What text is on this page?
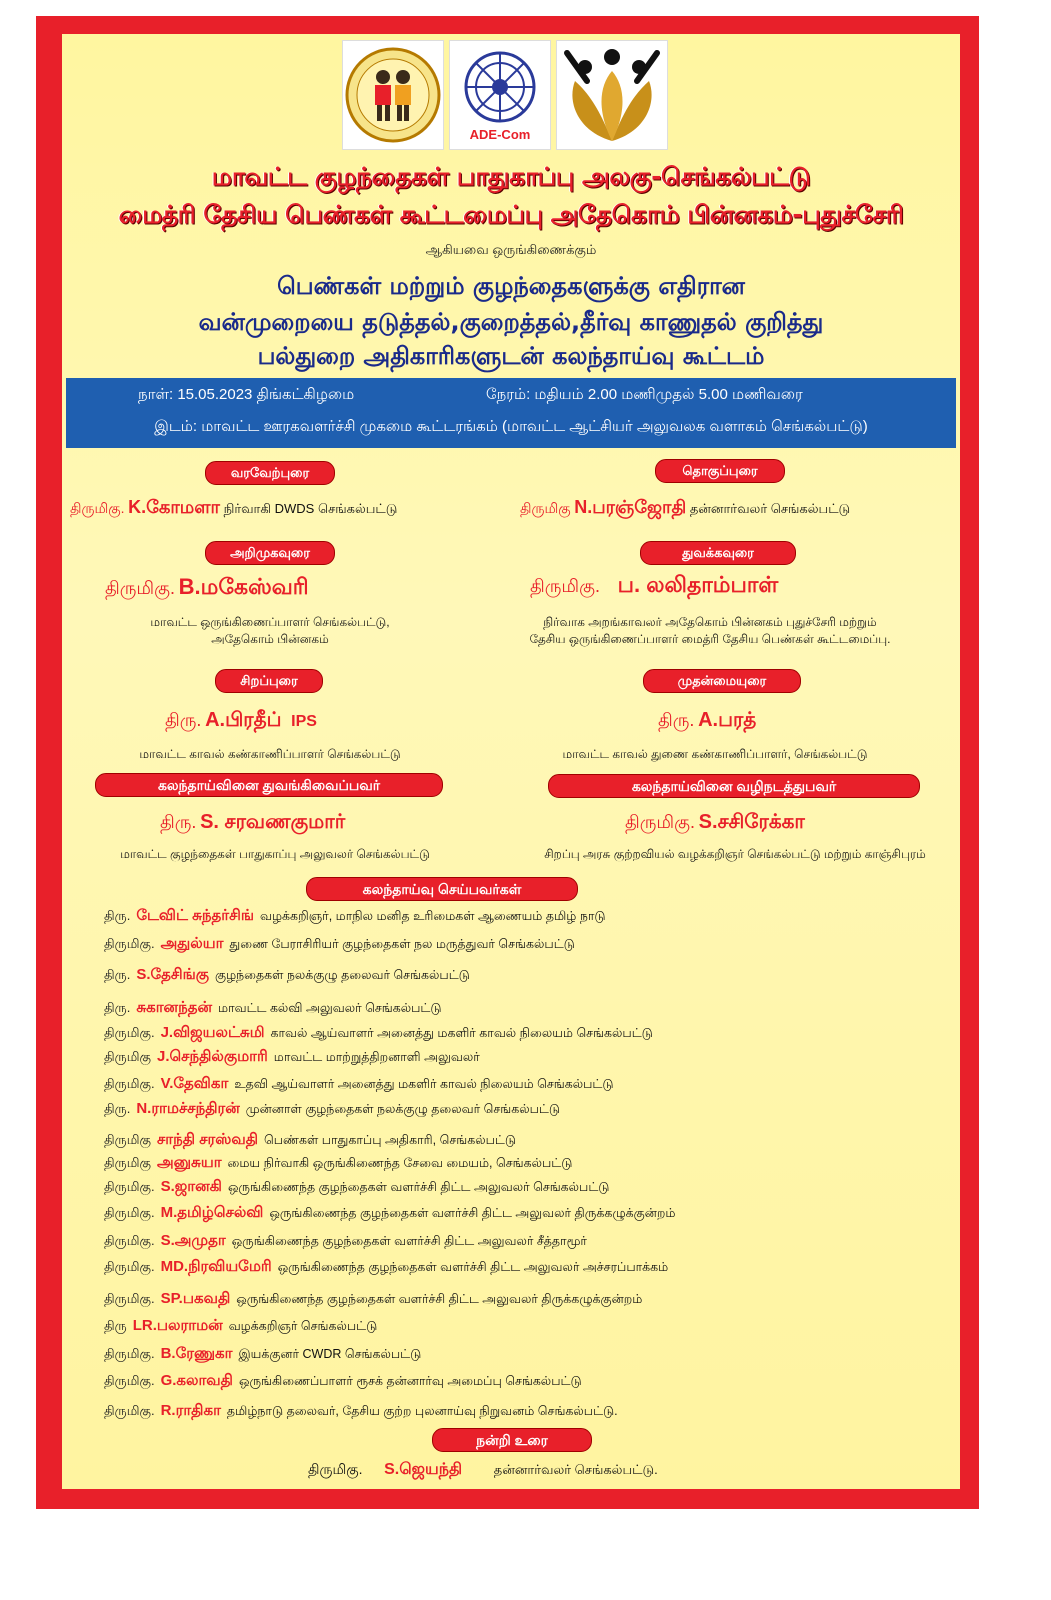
ADE-Com
மாவட்ட குழந்தைகள் பாதுகாப்பு அலகு-செங்கல்பட்டு
மைத்ரி தேசிய பெண்கள் கூட்டமைப்பு அதேகொம் பின்னகம்-புதுச்சேரி
ஆகியவை ஒருங்கிணைக்கும்
பெண்கள் மற்றும் குழந்தைகளுக்கு எதிரான
வன்முறையை தடுத்தல்,குறைத்தல்,தீர்வு காணுதல் குறித்து
பல்துறை அதிகாரிகளுடன் கலந்தாய்வு கூட்டம்
நாள்: 15.05.2023 திங்கட்கிழமை	நேரம்: மதியம் 2.00 மணிமுதல் 5.00 மணிவரை
இடம்: மாவட்ட ஊரகவளர்ச்சி முகமை கூட்டரங்கம் (மாவட்ட ஆட்சியர் அலுவலக வளாகம் செங்கல்பட்டு)
வரவேற்புரை	தொகுப்புரை
திருமிகு. K.கோமளா நிர்வாகி DWDS செங்கல்பட்டு	திருமிகு N.பரஞ்ஜோதி தன்னார்வலர் செங்கல்பட்டு
அறிமுகவுரை	துவக்கவுரை
திருமிகு. B.மகேஸ்வரி	திருமிகு. ப. லலிதாம்பாள்
மாவட்ட ஒருங்கிணைப்பாளர் செங்கல்பட்டு,
அதேகொம் பின்னகம்
நிர்வாக அறங்காவலர் அதேகொம் பின்னகம் புதுச்சேரி மற்றும்
தேசிய ஒருங்கிணைப்பாளர் மைத்ரி தேசிய பெண்கள் கூட்டமைப்பு.
சிறப்புரை	முதன்மையுரை
திரு. A.பிரதீப் IPS	திரு. A.பரத்
மாவட்ட காவல் கண்காணிப்பாளர் செங்கல்பட்டு	மாவட்ட காவல் துணை கண்காணிப்பாளர், செங்கல்பட்டு
கலந்தாய்வினை துவங்கிவைப்பவர்	கலந்தாய்வினை வழிநடத்துபவர்
திரு. S. சரவணகுமார்	திருமிகு. S.சசிரேக்கா
மாவட்ட குழந்தைகள் பாதுகாப்பு அலுவலர் செங்கல்பட்டு	சிறப்பு அரசு குற்றவியல் வழக்கறிஞர் செங்கல்பட்டு மற்றும் காஞ்சிபுரம்
கலந்தாய்வு செய்பவர்கள்
திரு. டேவிட் சுந்தர்சிங் வழக்கறிஞர், மாநில மனித உரிமைகள் ஆணையம் தமிழ் நாடு
திருமிகு. அதுல்யா துணை பேராசிரியர் குழந்தைகள் நல மருத்துவர் செங்கல்பட்டு
திரு. S.தேசிங்கு குழந்தைகள் நலக்குழு தலைவர் செங்கல்பட்டு
திரு. சுகானந்தன் மாவட்ட கல்வி அலுவலர் செங்கல்பட்டு
திருமிகு. J.விஜயலட்சுமி காவல் ஆய்வாளர் அனைத்து மகளிர் காவல் நிலையம் செங்கல்பட்டு
திருமிகு J.செந்தில்குமாரி மாவட்ட மாற்றுத்திறனாளி அலுவலர்
திருமிகு. V.தேவிகா உதவி ஆய்வாளர் அனைத்து மகளிர் காவல் நிலையம் செங்கல்பட்டு
திரு. N.ராமச்சந்திரன் முன்னாள் குழந்தைகள் நலக்குழு தலைவர் செங்கல்பட்டு
திருமிகு சாந்தி சரஸ்வதி பெண்கள் பாதுகாப்பு அதிகாரி, செங்கல்பட்டு
திருமிகு அனுசுயா மைய நிர்வாகி ஒருங்கிணைந்த சேவை மையம், செங்கல்பட்டு
திருமிகு. S.ஜானகி ஒருங்கிணைந்த குழந்தைகள் வளர்ச்சி திட்ட அலுவலர் செங்கல்பட்டு
திருமிகு. M.தமிழ்செல்வி ஒருங்கிணைந்த குழந்தைகள் வளர்ச்சி திட்ட அலுவலர் திருக்கழுக்குன்றம்
திருமிகு. S.அமுதா ஒருங்கிணைந்த குழந்தைகள் வளர்ச்சி திட்ட அலுவலர் சீத்தாமூர்
திருமிகு. MD.நிரவியமேரி ஒருங்கிணைந்த குழந்தைகள் வளர்ச்சி திட்ட அலுவலர் அச்சரப்பாக்கம்
திருமிகு. SP.பகவதி ஒருங்கிணைந்த குழந்தைகள் வளர்ச்சி திட்ட அலுவலர் திருக்கழுக்குன்றம்
திரு LR.பலராமன் வழக்கறிஞர் செங்கல்பட்டு
திருமிகு. B.ரேணுகா இயக்குனர் CWDR செங்கல்பட்டு
திருமிகு. G.கலாவதி ஒருங்கிணைப்பாளர் ரூசக் தன்னார்வு அமைப்பு செங்கல்பட்டு
திருமிகு. R.ராதிகா தமிழ்நாடு தலைவர், தேசிய குற்ற புலனாய்வு நிறுவனம் செங்கல்பட்டு.
நன்றி உரை
திருமிகு. S.ஜெயந்தி தன்னார்வலர் செங்கல்பட்டு.
